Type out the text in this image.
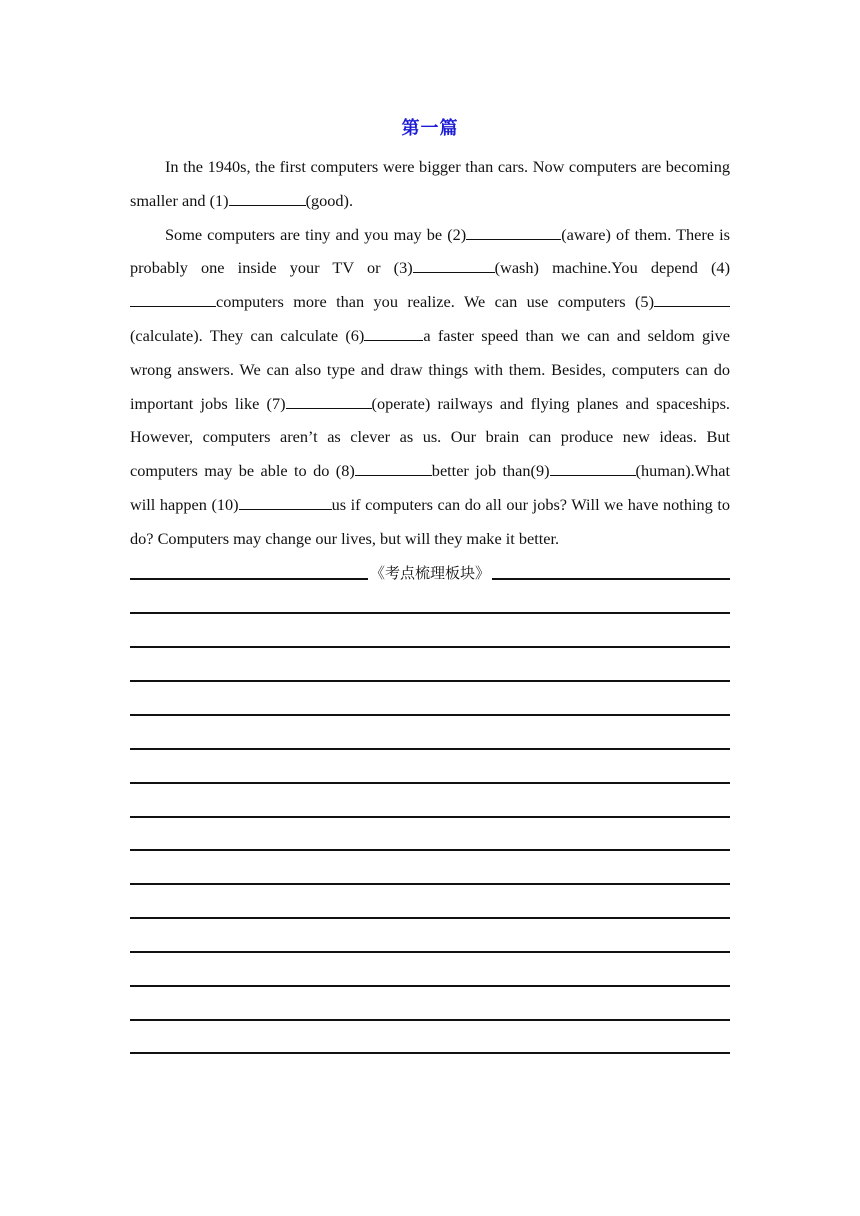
第一篇

In the 1940s, the first computers were bigger than cars. Now computers are becoming smaller and (1)	(good).

Some computers are tiny and you may be (2)	(aware) of them. There is probably one inside your TV or (3)	(wash) machine.You depend (4)computers more than you realize. We can use computers (5)(calculate). They can calculate (6)	a faster speed than we can and seldom give wrong answers. We can also type and draw things with them. Besides, computers can do important jobs like (7)	(operate) railways and flying planes and spaceships. However, computers aren’t as clever as us. Our brain can produce new ideas. But computers may be able to do (8)	better job than(9)	(human).What will happen (10)	us if computers can do all our jobs? Will we have nothing to do? Computers may change our lives, but will they make it better.

《考点梳理板块》
